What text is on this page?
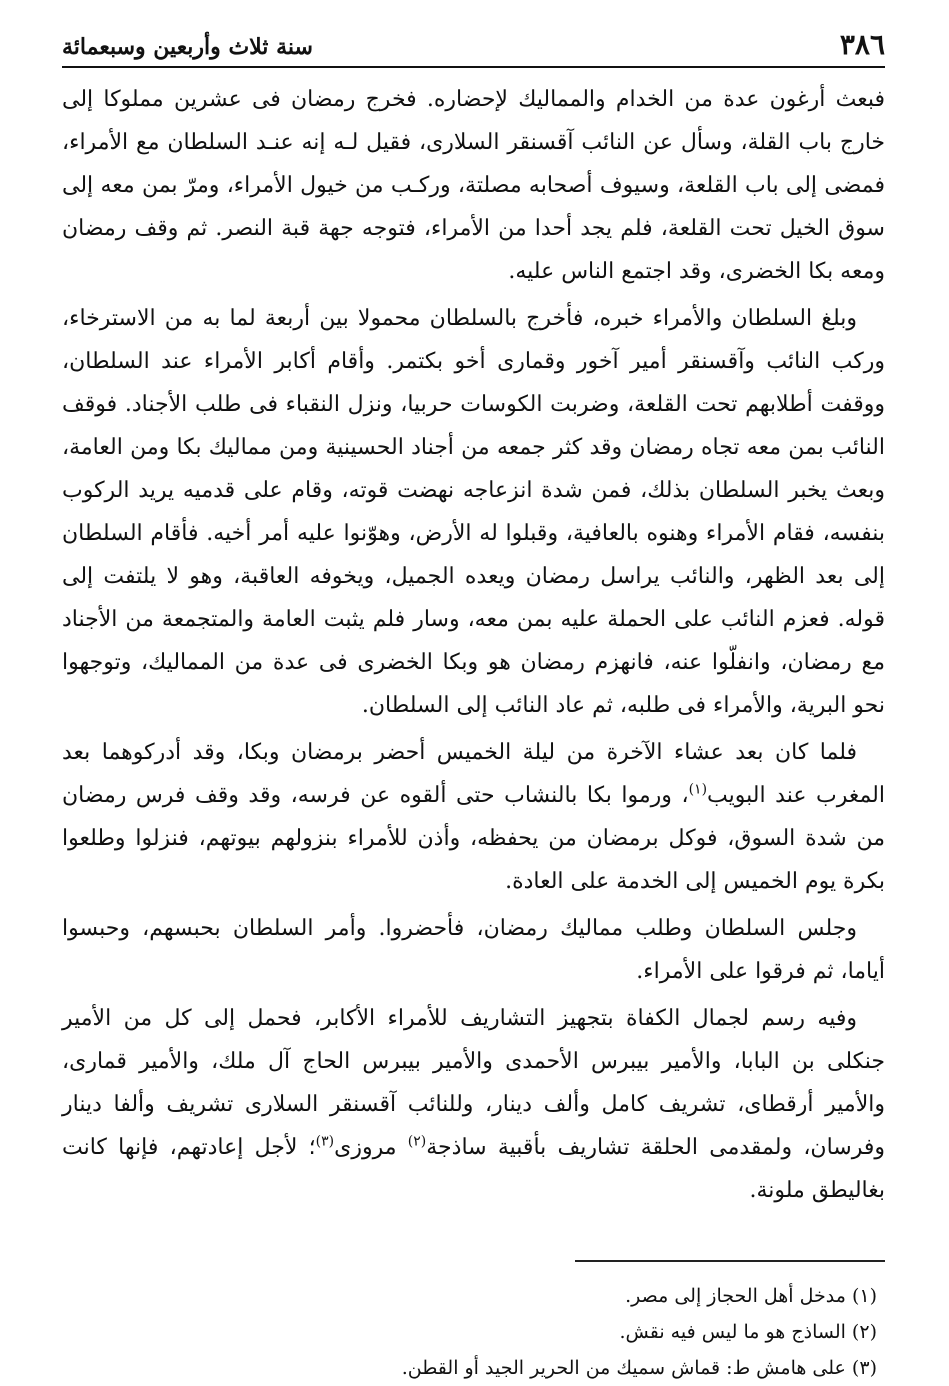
٣٨٦
سنة ثلاث وأربعين وسبعمائة

فبعث أرغون عدة من الخدام والمماليك لإحضاره. فخرج رمضان فى عشرين مملوكا إلى خارج باب القلة، وسأل عن النائب آقسنقر السلارى، فقيل لـه إنه عنـد السلطان مع الأمراء، فمضى إلى باب القلعة، وسيوف أصحابه مصلتة، وركـب من خيول الأمراء، ومرّ بمن معه إلى سوق الخيل تحت القلعة، فلم يجد أحدا من الأمراء، فتوجه جهة قبة النصر. ثم وقف رمضان ومعه بكا الخضرى، وقد اجتمع الناس عليه.

وبلغ السلطان والأمراء خبره، فأخرج بالسلطان محمولا بين أربعة لما به من الاسترخاء، وركب النائب وآقسنقر أمير آخور وقمارى أخو بكتمر. وأقام أكابر الأمراء عند السلطان، ووقفت أطلابهم تحت القلعة، وضربت الكوسات حربيا، ونزل النقباء فى طلب الأجناد. فوقف النائب بمن معه تجاه رمضان وقد كثر جمعه من أجناد الحسينية ومن مماليك بكا ومن العامة، وبعث يخبر السلطان بذلك، فمن شدة انزعاجه نهضت قوته، وقام على قدميه يريد الركوب بنفسه، فقام الأمراء وهنوه بالعافية، وقبلوا له الأرض، وهوّنوا عليه أمر أخيه. فأقام السلطان إلى بعد الظهر، والنائب يراسل رمضان ويعده الجميل، ويخوفه العاقبة، وهو لا يلتفت إلى قوله. فعزم النائب على الحملة عليه بمن معه، وسار فلم يثبت العامة والمتجمعة من الأجناد مع رمضان، وانفلّوا عنه، فانهزم رمضان هو وبكا الخضرى فى عدة من المماليك، وتوجهوا نحو البرية، والأمراء فى طلبه، ثم عاد النائب إلى السلطان.

فلما كان بعد عشاء الآخرة من ليلة الخميس أحضر برمضان وبكا، وقد أدركوهما بعد المغرب عند البويب$^{(١)}$، ورموا بكا بالنشاب حتى ألقوه عن فرسه، وقد وقف فرس رمضان من شدة السوق، فوكل برمضان من يحفظه، وأذن للأمراء بنزولهم بيوتهم، فنزلوا وطلعوا بكرة يوم الخميس إلى الخدمة على العادة.

وجلس السلطان وطلب مماليك رمضان، فأحضروا. وأمر السلطان بحبسهم، وحبسوا أياما، ثم فرقوا على الأمراء.

وفيه رسم لجمال الكفاة بتجهيز التشاريف للأمراء الأكابر، فحمل إلى كل من الأمير جنكلى بن البابا، والأمير بيبرس الأحمدى والأمير بيبرس الحاج آل ملك، والأمير قمارى، والأمير أرقطاى، تشريف كامل وألف دينار، وللنائب آقسنقر السلارى تشريف وألفا دينار وفرسان، ولمقدمى الحلقة تشاريف بأقبية ساذجة$^{(٢)}$ مروزى$^{(٣)}$؛ لأجل إعادتهم، فإنها كانت بغاليطق ملونة.

(١) مدخل أهل الحجاز إلى مصر.

(٢) الساذج هو ما ليس فيه نقش.

(٣) على هامش ط: قماش سميك من الحرير الجيد أو القطن.
